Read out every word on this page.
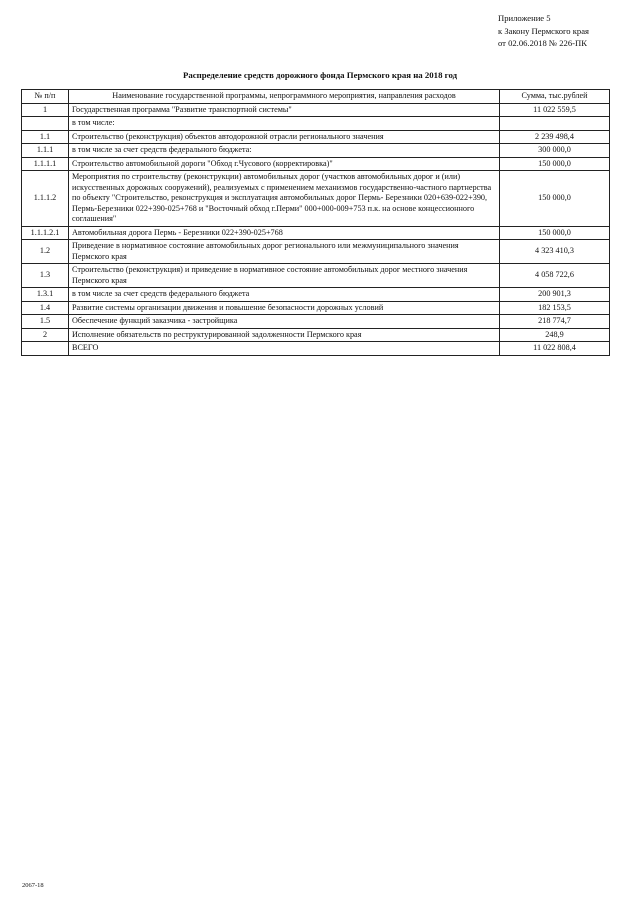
Приложение 5
к Закону Пермского края
от 02.06.2018 № 226-ПК
Распределение средств дорожного фонда Пермского края на 2018 год
№ п/п	Наименование государственной программы, непрограммного мероприятия, направления расходов	Сумма, тыс.рублей
1	Государственная программа "Развитие транспортной системы"	11 022 559,5
	в том числе:	
1.1	Строительство (реконструкция) объектов автодорожной отрасли регионального значения	2 239 498,4
1.1.1	в том числе за счет средств федерального бюджета:	300 000,0
1.1.1.1	Строительство автомобильной дороги "Обход г.Чусового (корректировка)"	150 000,0
1.1.1.2	Мероприятия по строительству (реконструкции) автомобильных дорог (участков автомобильных дорог и (или) искусственных дорожных сооружений), реализуемых с применением механизмов государственно-частного партнерства по объекту "Строительство, реконструкция и эксплуатация автомобильных дорог Пермь- Березники 020+639-022+390, Пермь-Березники 022+390-025+768 и "Восточный обход г.Перми" 000+000-009+753 п.к. на основе концессионного соглашения"	150 000,0
1.1.1.2.1	Автомобильная дорога Пермь - Березники 022+390-025+768	150 000,0
1.2	Приведение в нормативное состояние автомобильных дорог регионального или межмуниципального значения Пермского края	4 323 410,3
1.3	Строительство (реконструкция) и приведение в нормативное состояние автомобильных дорог местного значения Пермского края	4 058 722,6
1.3.1	в том числе за счет средств федерального бюджета	200 901,3
1.4	Развитие системы организации движения и повышение безопасности дорожных условий	182 153,5
1.5	Обеспечение функций заказчика - застройщика	218 774,7
2	Исполнение обязательств по реструктурированной задолженности Пермского края	248,9
	ВСЕГО	11 022 808,4
2067-18
